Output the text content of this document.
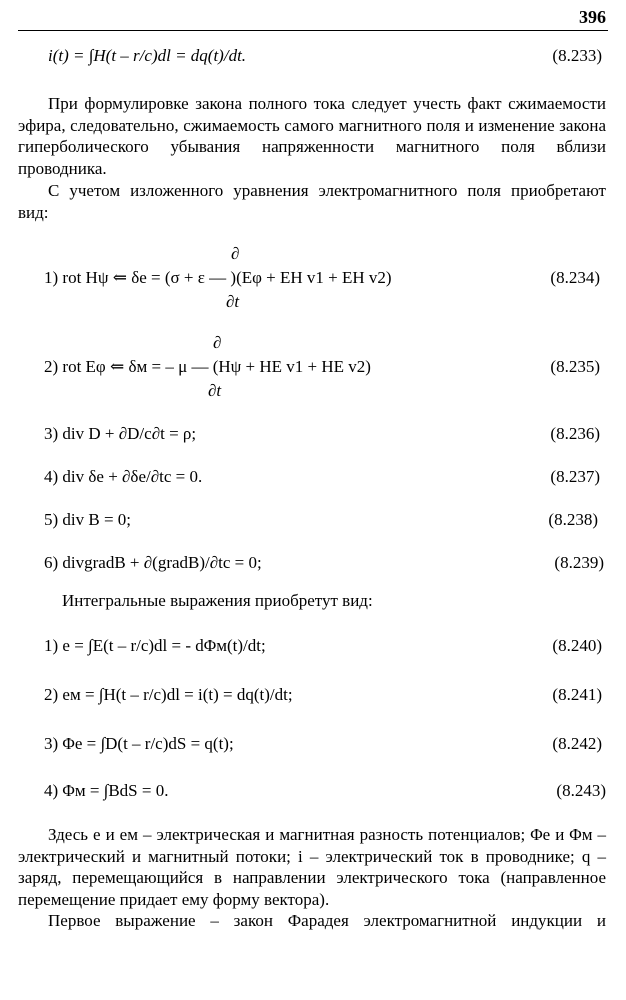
396
i(t) = ∫H(t – r/c)dl = dq(t)/dt.	(8.233)

При формулировке закона полного тока следует учесть факт сжимаемости эфира, следовательно, сжимаемость самого магнитного поля и изменение закона гиперболического убывания напряженности магнитного поля вблизи проводника.

С учетом изложенного уравнения электромагнитного поля приобретают вид:

∂
1) rot Hψ ⇐ δe = (σ + ε — )(Eφ + EH v1 + EH v2)	(8.234)
∂t
∂
2) rot Eφ ⇐ δм = – μ — (Hψ + HE v1 + HE v2)	(8.235)
∂t
3) div D + ∂D/c∂t = ρ;	(8.236)
4) div δe + ∂δe/∂tc = 0.	(8.237)
5) div B = 0;	(8.238)
6) divgradB + ∂(gradB)/∂tc = 0;	(8.239)

Интегральные выражения приобретут вид:

1) e = ∫E(t – r/c)dl = - dΦм(t)/dt;	(8.240)
2) eм = ∫H(t – r/c)dl = i(t) = dq(t)/dt;	(8.241)
3) Φe = ∫D(t – r/c)dS = q(t);	(8.242)
4) Φм = ∫BdS = 0.	(8.243)

Здесь e и eм – электрическая и магнитная разность потенциалов; Φe и Φм – электрический и магнитный потоки; i – электрический ток в проводнике; q – заряд, перемещающийся в направлении электрического тока (направленное перемещение придает ему форму вектора).

Первое выражение – закон Фарадея электромагнитной индукции и
